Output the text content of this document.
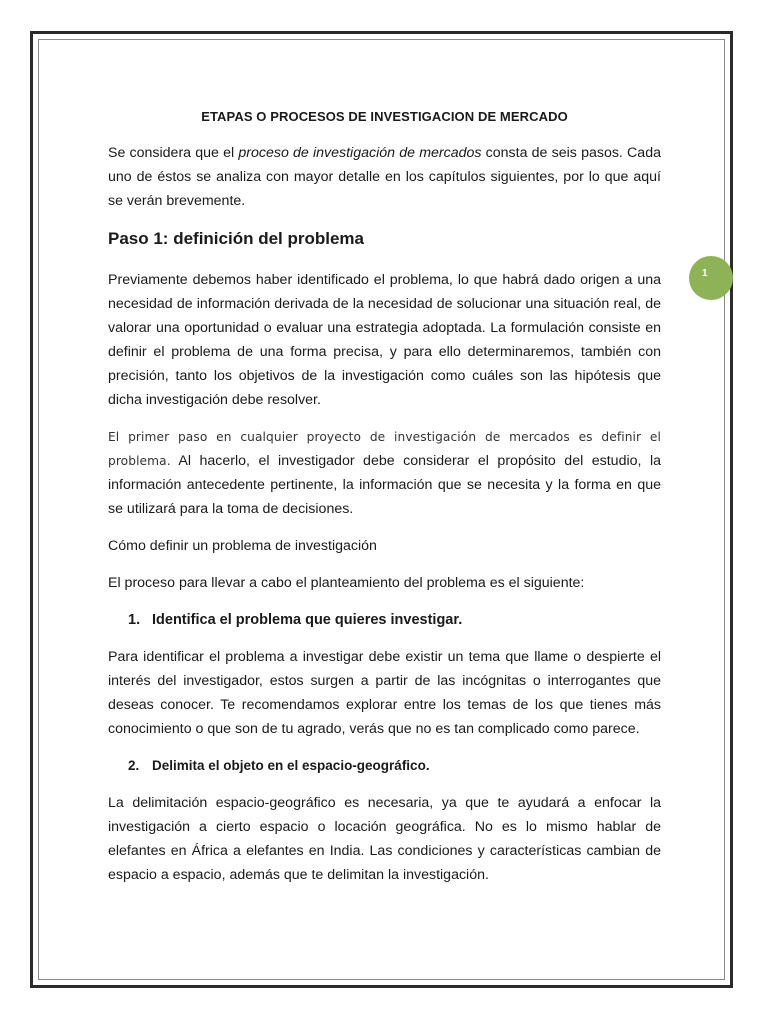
1
ETAPAS O PROCESOS DE INVESTIGACION DE MERCADO

Se considera que el proceso de investigación de mercados consta de seis pasos. Cada uno de éstos se analiza con mayor detalle en los capítulos siguientes, por lo que aquí se verán brevemente.

Paso 1: definición del problema

Previamente debemos haber identificado el problema, lo que habrá dado origen a una necesidad de información derivada de la necesidad de solucionar una situación real, de valorar una oportunidad o evaluar una estrategia adoptada. La formulación consiste en definir el problema de una forma precisa, y para ello determinaremos, también con precisión, tanto los objetivos de la investigación como cuáles son las hipótesis que dicha investigación debe resolver.

El primer paso en cualquier proyecto de investigación de mercados es definir el problema. Al hacerlo, el investigador debe considerar el propósito del estudio, la información antecedente pertinente, la información que se necesita y la forma en que se utilizará para la toma de decisiones.

Cómo definir un problema de investigación

El proceso para llevar a cabo el planteamiento del problema es el siguiente:

1. Identifica el problema que quieres investigar.

Para identificar el problema a investigar debe existir un tema que llame o despierte el interés del investigador, estos surgen a partir de las incógnitas o interrogantes que deseas conocer. Te recomendamos explorar entre los temas de los que tienes más conocimiento o que son de tu agrado, verás que no es tan complicado como parece.

2. Delimita el objeto en el espacio-geográfico.

La delimitación espacio-geográfico es necesaria, ya que te ayudará a enfocar la investigación a cierto espacio o locación geográfica. No es lo mismo hablar de elefantes en África a elefantes en India. Las condiciones y características cambian de espacio a espacio, además que te delimitan la investigación.
